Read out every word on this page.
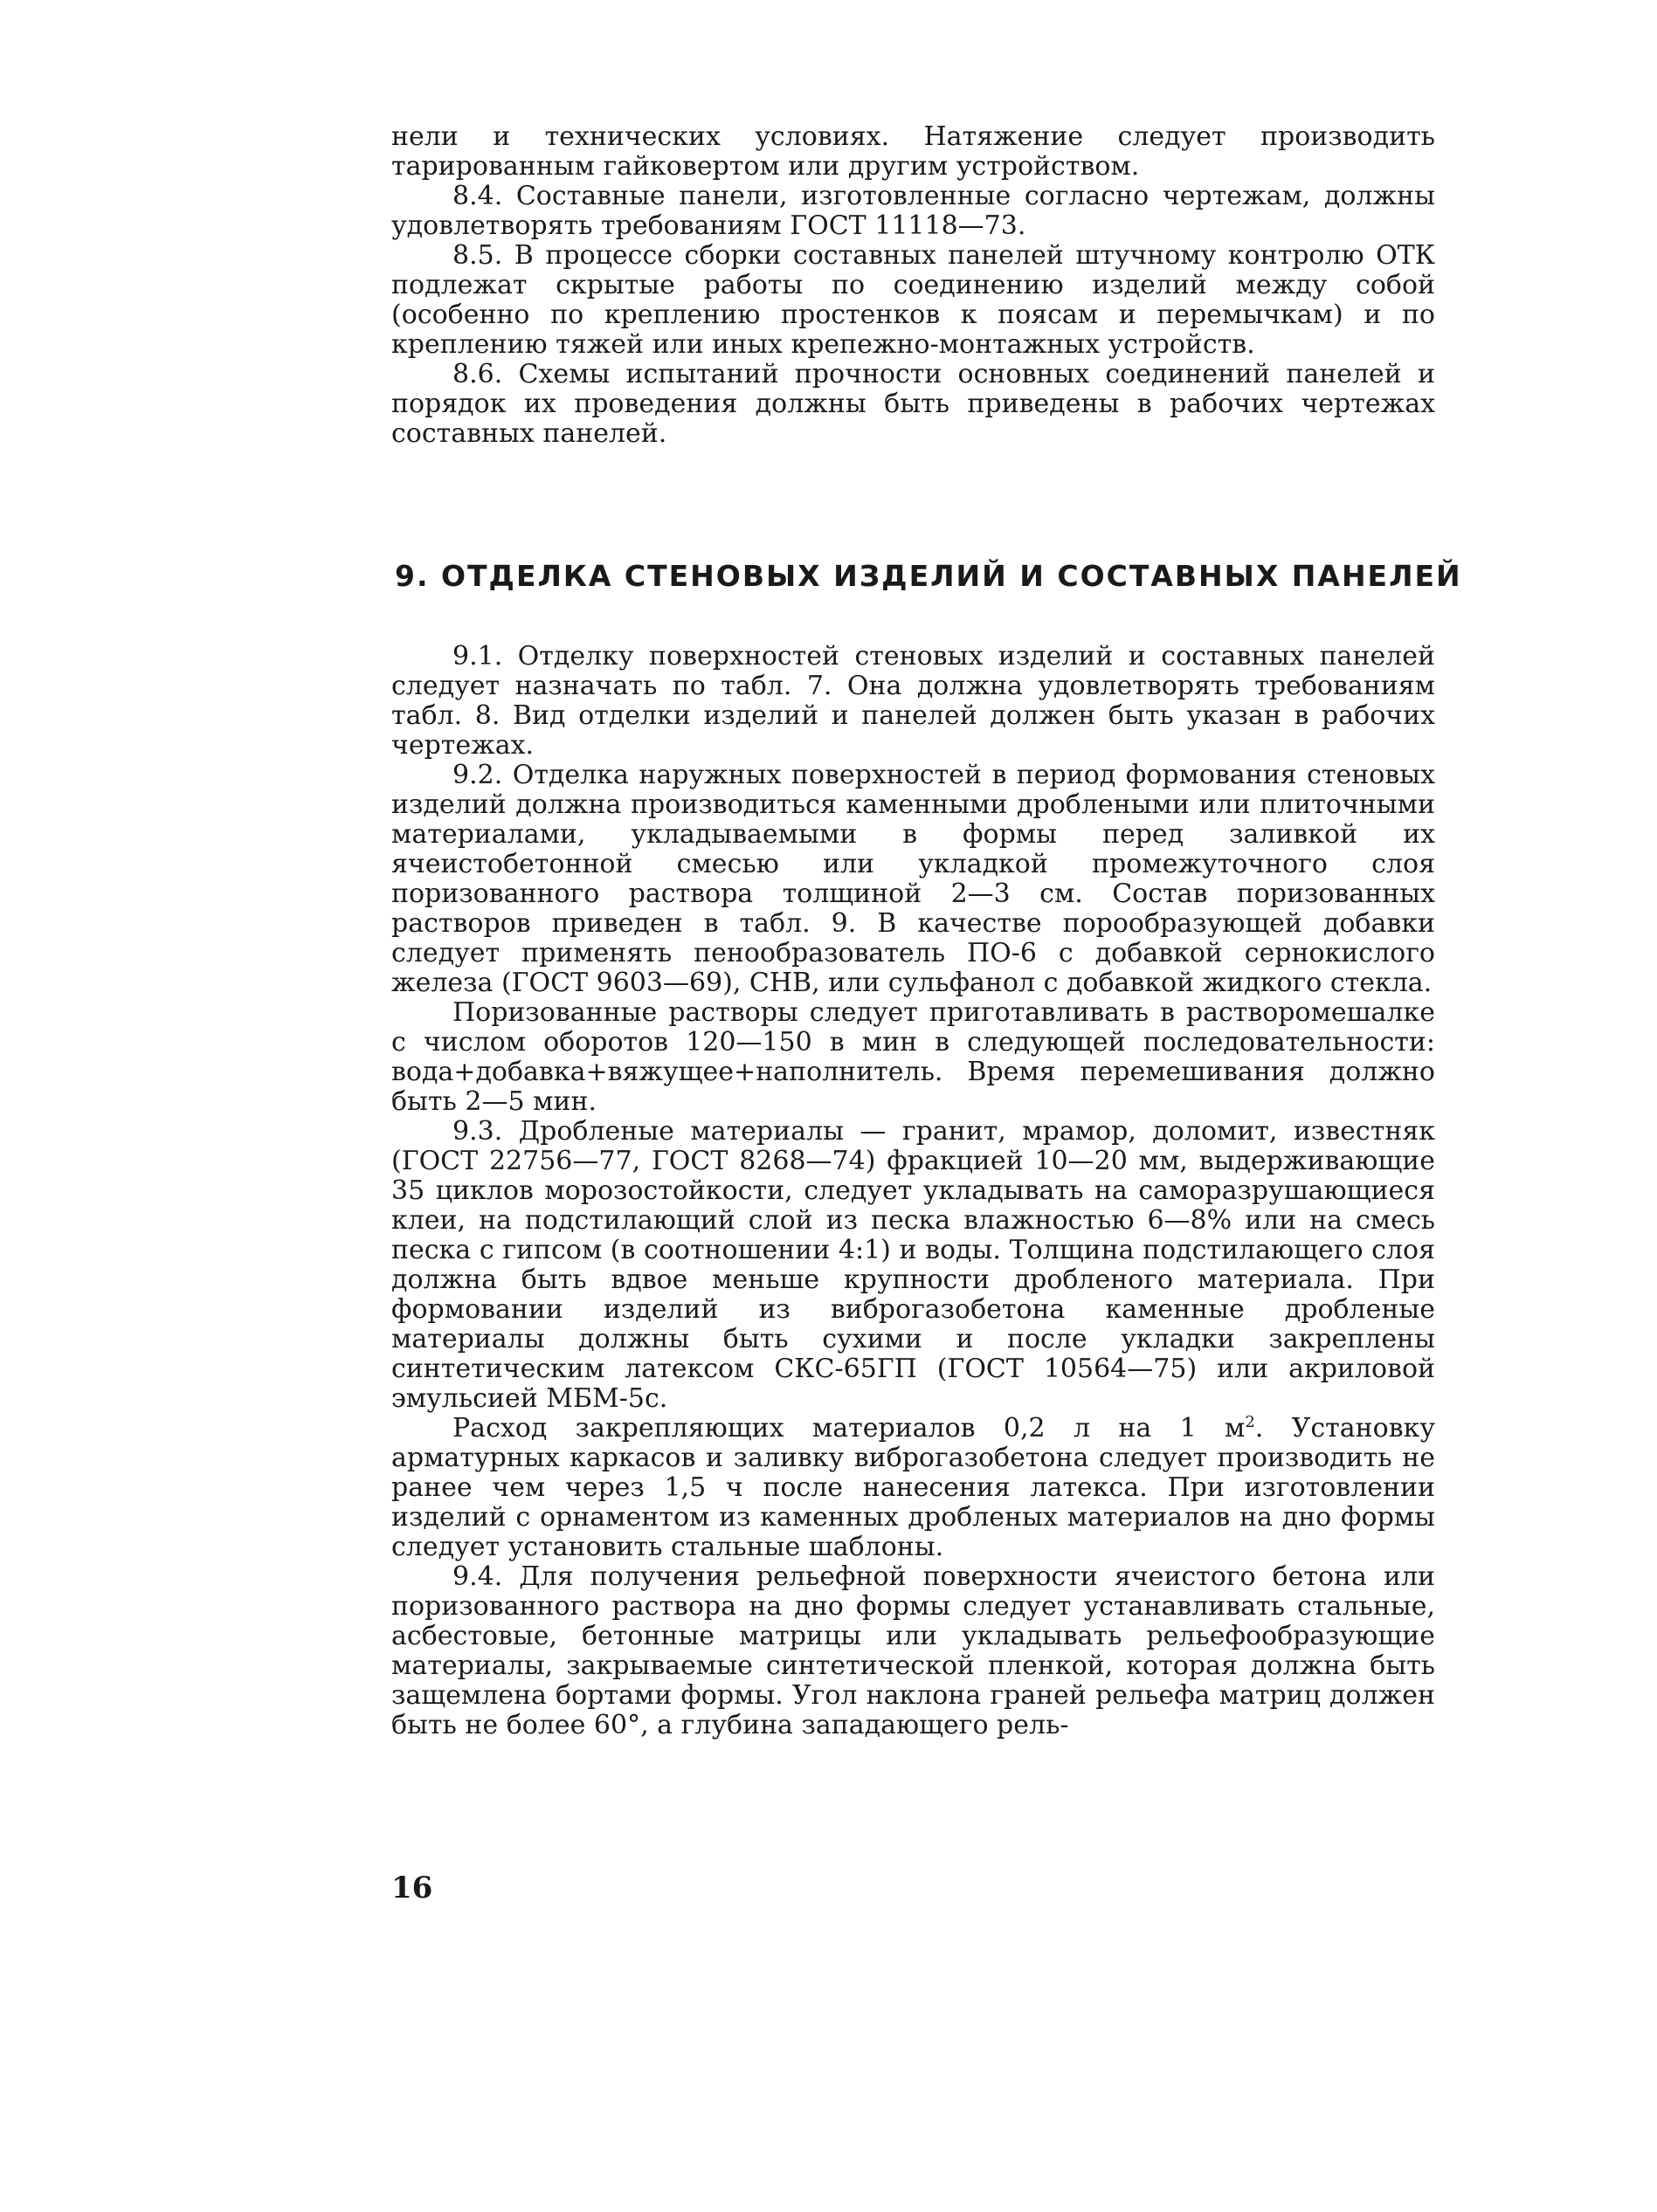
нели и технических условиях. Натяжение следует производить тарированным гайковертом или другим устройством.

8.4. Составные панели, изготовленные согласно чертежам, должны удовлетворять требованиям ГОСТ 11118—73.

8.5. В процессе сборки составных панелей штучному контролю ОТК подлежат скрытые работы по соединению изделий между собой (особенно по креплению простенков к поясам и перемычкам) и по креплению тяжей или иных крепежно-монтажных устройств.

8.6. Схемы испытаний прочности основных соединений панелей и порядок их проведения должны быть приведены в рабочих чертежах составных панелей.

9. ОТДЕЛКА СТЕНОВЫХ ИЗДЕЛИЙ И СОСТАВНЫХ ПАНЕЛЕЙ

9.1. Отделку поверхностей стеновых изделий и составных панелей следует назначать по табл. 7. Она должна удовлетворять требованиям табл. 8. Вид отделки изделий и панелей должен быть указан в рабочих чертежах.

9.2. Отделка наружных поверхностей в период формования стеновых изделий должна производиться каменными дроблеными или плиточными материалами, укладываемыми в формы перед заливкой их ячеистобетонной смесью или укладкой промежуточного слоя поризованного раствора толщиной 2—3 см. Состав поризованных растворов приведен в табл. 9. В качестве порообразующей добавки следует применять пенообразователь ПО-6 с добавкой сернокислого железа (ГОСТ 9603—69), СНВ, или сульфанол с добавкой жидкого стекла.

Поризованные растворы следует приготавливать в растворомешалке с числом оборотов 120—150 в мин в следующей последовательности: вода+добавка+вяжущее+наполнитель. Время перемешивания должно быть 2—5 мин.

9.3. Дробленые материалы — гранит, мрамор, доломит, известняк (ГОСТ 22756—77, ГОСТ 8268—74) фракцией 10—20 мм, выдерживающие 35 циклов морозостойкости, следует укладывать на саморазрушающиеся клеи, на подстилающий слой из песка влажностью 6—8% или на смесь песка с гипсом (в соотношении 4:1) и воды. Толщина подстилающего слоя должна быть вдвое меньше крупности дробленого материала. При формовании изделий из виброгазобетона каменные дробленые материалы должны быть сухими и после укладки закреплены синтетическим латексом СКС-65ГП (ГОСТ 10564—75) или акриловой эмульсией МБМ-5с.

Расход закрепляющих материалов 0,2 л на 1 $м^2$. Установку арматурных каркасов и заливку виброгазобетона следует производить не ранее чем через 1,5 ч после нанесения латекса. При изготовлении изделий с орнаментом из каменных дробленых материалов на дно формы следует установить стальные шаблоны.

9.4. Для получения рельефной поверхности ячеистого бетона или поризованного раствора на дно формы следует устанавливать стальные, асбестовые, бетонные матрицы или укладывать рельефообразующие материалы, закрываемые синтетической пленкой, которая должна быть защемлена бортами формы. Угол наклона граней рельефа матриц должен быть не более 60°, а глубина западающего рель-

16
